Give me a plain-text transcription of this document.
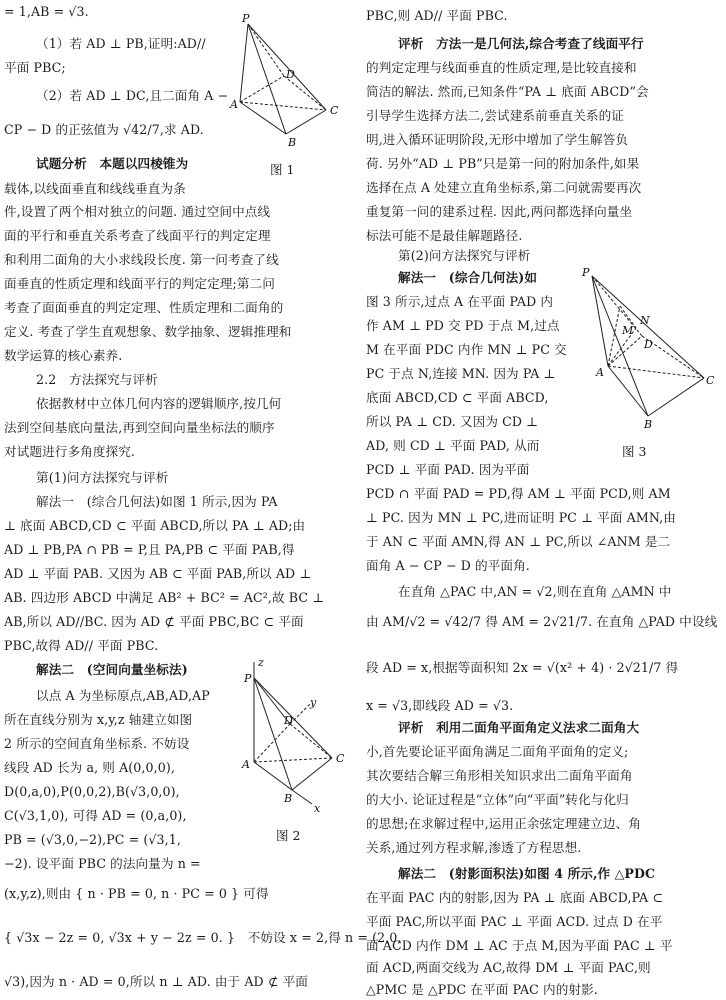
= 1,AB = √3.
（1）若 AD ⊥ PB,证明:AD//
平面 PBC;
（2）若 AD ⊥ DC,且二面角 A −
CP − D 的正弦值为 √42/7,求 AD.
试题分析　本题以四棱锥为
载体,以线面垂直和线线垂直为条
件,设置了两个相对独立的问题. 通过空间中点线
面的平行和垂直关系考查了线面平行的判定定理
和利用二面角的大小求线段长度. 第一问考查了线
面垂直的性质定理和线面平行的判定定理;第二问
考查了面面垂直的判定定理、性质定理和二面角的
定义. 考查了学生直观想象、数学抽象、逻辑推理和
数学运算的核心素养.
2.2　方法探究与评析
依据教材中立体几何内容的逻辑顺序,按几何
法到空间基底向量法,再到空间向量坐标法的顺序
对试题进行多角度探究.
第(1)问方法探究与评析
解法一　(综合几何法)如图 1 所示,因为 PA
⊥ 底面 ABCD,CD ⊂ 平面 ABCD,所以 PA ⊥ AD;由
AD ⊥ PB,PA ∩ PB = P,且 PA,PB ⊂ 平面 PAB,得
AD ⊥ 平面 PAB. 又因为 AB ⊂ 平面 PAB,所以 AD ⊥
AB. 四边形 ABCD 中满足 AB² + BC² = AC²,故 BC ⊥
AB,所以 AD//BC. 因为 AD ⊄ 平面 PBC,BC ⊂ 平面
PBC,故得 AD// 平面 PBC.
解法二　(空间向量坐标法)
以点 A 为坐标原点,AB,AD,AP
所在直线分别为 x,y,z 轴建立如图
2 所示的空间直角坐标系. 不妨设
线段 AD 长为 a, 则 A(0,0,0),
D(0,a,0),P(0,0,2),B(√3,0,0),
C(√3,1,0), 可得 AD = (0,a,0),
PB = (√3,0,−2),PC = (√3,1,
−2). 设平面 PBC 的法向量为 n =
(x,y,z),则由 { n · PB = 0, n · PC = 0 } 可得
{ √3x − 2z = 0, √3x + y − 2z = 0. }　不妨设 x = 2,得 n = (2,0,
√3),因为 n · AD = 0,所以 n ⊥ AD. 由于 AD ⊄ 平面
P
D
A	C
B
图 1
z
P
D
y
A	C
B
x
图 2
PBC,则 AD// 平面 PBC.
评析　方法一是几何法,综合考查了线面平行
的判定定理与线面垂直的性质定理,是比较直接和
简洁的解法. 然而,已知条件“PA ⊥ 底面 ABCD”会
引导学生选择方法二,尝试建系前垂直关系的证
明,进入循环证明阶段,无形中增加了学生解答负
荷. 另外“AD ⊥ PB”只是第一问的附加条件,如果
选择在点 A 处建立直角坐标系,第二问就需要再次
重复第一问的建系过程. 因此,两问都选择向量坐
标法可能不是最佳解题路径.
第(2)问方法探究与评析
解法一　(综合几何法)如
图 3 所示,过点 A 在平面 PAD 内
作 AM ⊥ PD 交 PD 于点 M,过点
M 在平面 PDC 内作 MN ⊥ PC 交
PC 于点 N,连接 MN. 因为 PA ⊥
底面 ABCD,CD ⊂ 平面 ABCD,
所以 PA ⊥ CD. 又因为 CD ⊥
AD, 则 CD ⊥ 平面 PAD, 从而
PCD ⊥ 平面 PAD. 因为平面
PCD ∩ 平面 PAD = PD,得 AM ⊥ 平面 PCD,则 AM
⊥ PC. 因为 MN ⊥ PC,进而证明 PC ⊥ 平面 AMN,由
于 AN ⊂ 平面 AMN,得 AN ⊥ PC,所以 ∠ANM 是二
面角 A − CP − D 的平面角.
在直角 △PAC 中,AN = √2,则在直角 △AMN 中
由 AM/√2 = √42/7 得 AM = 2√21/7. 在直角 △PAD 中设线
段 AD = x,根据等面积知 2x = √(x² + 4) · 2√21/7 得
x = √3,即线段 AD = √3.
评析　利用二面角平面角定义法求二面角大
小,首先要论证平面角满足二面角平面角的定义;
其次要结合解三角形相关知识求出二面角平面角
的大小. 论证过程是“立体”向“平面”转化与化归
的思想;在求解过程中,运用正余弦定理建立边、角
关系,通过列方程求解,渗透了方程思想.
解法二　(射影面积法)如图 4 所示,作 △PDC
在平面 PAC 内的射影,因为 PA ⊥ 底面 ABCD,PA ⊂
平面 PAC,所以平面 PAC ⊥ 平面 ACD. 过点 D 在平
面 ACD 内作 DM ⊥ AC 于点 M,因为平面 PAC ⊥ 平
面 ACD,两面交线为 AC,故得 DM ⊥ 平面 PAC,则
△PMC 是 △PDC 在平面 PAC 内的射影.
P
N
M
D
A
C
B
图 3
